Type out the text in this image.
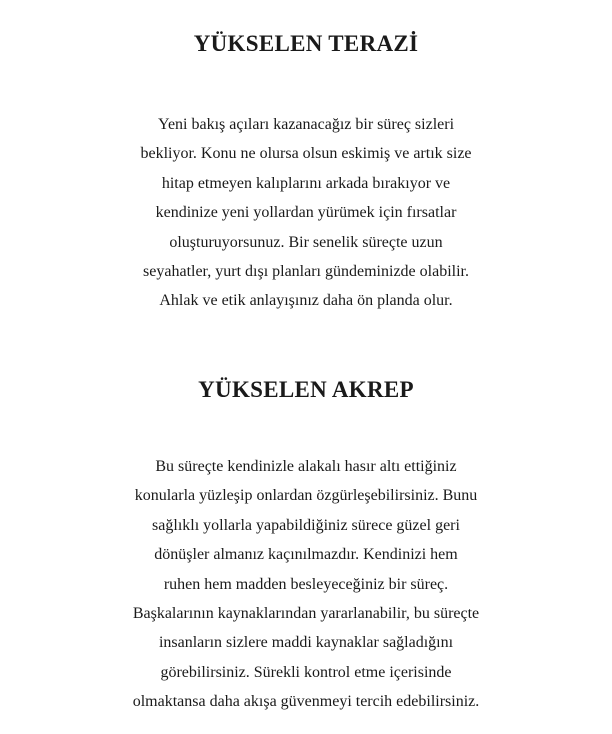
YÜKSELEN TERAZİ

Yeni bakış açıları kazanacağız bir süreç sizleri
bekliyor. Konu ne olursa olsun eskimiş ve artık size
hitap etmeyen kalıplarını arkada bırakıyor ve
kendinize yeni yollardan yürümek için fırsatlar
oluşturuyorsunuz. Bir senelik süreçte uzun
seyahatler, yurt dışı planları gündeminizde olabilir.
Ahlak ve etik anlayışınız daha ön planda olur.

YÜKSELEN AKREP

Bu süreçte kendinizle alakalı hasır altı ettiğiniz
konularla yüzleşip onlardan özgürleşebilirsiniz. Bunu
sağlıklı yollarla yapabildiğiniz sürece güzel geri
dönüşler almanız kaçınılmazdır. Kendinizi hem
ruhen hem madden besleyeceğiniz bir süreç.
Başkalarının kaynaklarından yararlanabilir, bu süreçte
insanların sizlere maddi kaynaklar sağladığını
görebilirsiniz. Sürekli kontrol etme içerisinde
olmaktansa daha akışa güvenmeyi tercih edebilirsiniz.
